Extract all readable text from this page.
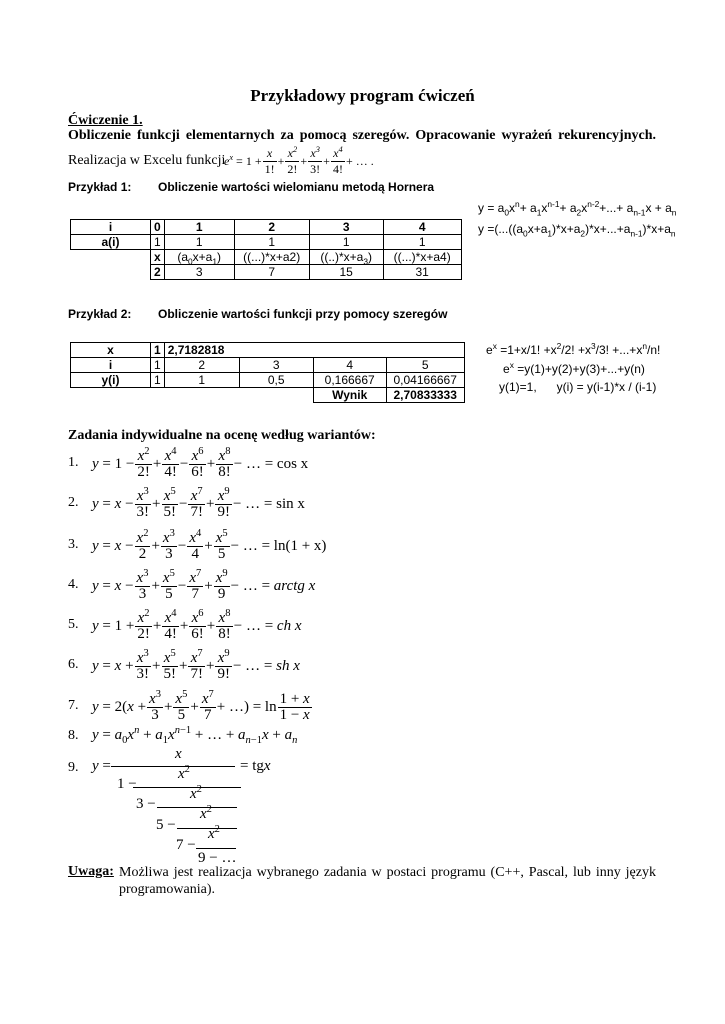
Przykładowy program ćwiczeń
Ćwiczenie 1.
Obliczenie funkcji elementarnych za pomocą szeregów. Opracowanie wyrażeń rekurencyjnych.
Realizacja w Excelu funkcji
$e^x = 1 + \frac{x}{1!} + \frac{x^2}{2!} + \frac{x^3}{3!} + \frac{x^4}{4!}$ + … .
Przykład 1: Obliczenie wartości wielomianu metodą Hornera
$y = a_0x^n+ a_1x^{n-1}+ a_2x^{n-2}+...+ a_{n-1}x + a_n$
$y =(...((a_0x+a_1)*x+a_2)*x+...+a_{n-1})*x+a_n$
i	0	1	2	3	4
a(i)	1	1	1	1	1
	x	$(a_0x+a_1)$	((...)*x+a2)	$((..)*x+a_3)$	((...)*x+a4)
	2	3	7	15	31
Przykład 2: Obliczenie wartości funkcji przy pomocy szeregów
$e^x =1+x/1$! $+x^2/2$! $+x^3/3$! $+...+x^n/n$!
$e^x =y(1)+y(2)+y(3)+...+y(n)$
y(1)=1,      y(i) = y(i-1)*x / (i-1)
x	1	2,7182818			
i	1	2	3	4	5
y(i)	1	1	0,5	0,166667	0,04166667
				Wynik	2,70833333
Zadania indywidualne na ocenę według wariantów:
1.
2.
3.
4.
5.
6.
7.
8.
9.
$y = 1 - \frac{x^2}{2!} + \frac{x^4}{4!} - \frac{x^6}{6!} + \frac{x^8}{8!}$ − … = cos x
$y = x - \frac{x^3}{3!} + \frac{x^5}{5!} - \frac{x^7}{7!} + \frac{x^9}{9!}$ − … = sin x
$y = x - \frac{x^2}{2} + \frac{x^3}{3} - \frac{x^4}{4} + \frac{x^5}{5}$ − … = ln(1 + x)
$y = x - \frac{x^3}{3} + \frac{x^5}{5} - \frac{x^7}{7} + \frac{x^9}{9}$ − … = arctg x
$y = 1 + \frac{x^2}{2!} + \frac{x^4}{4!} + \frac{x^6}{6!} + \frac{x^8}{8!}$ − … = ch x
$y = x + \frac{x^3}{3!} + \frac{x^5}{5!} + \frac{x^7}{7!} + \frac{x^9}{9!}$ − … = sh x
$y = 2(x + \frac{x^3}{3} + \frac{x^5}{5} + \frac{x^7}{7}$ + …) = $\ln \frac{1 + x}{1 - x}$
$y = a_0x^n + a_1x^{n-1}$ + … + $a_{n-1}x + a_n$
y =
x
= tgx
1 −
$x^2$
3 −
$x^2$
5 −
$x^2$
7 −
$x^2$
9 − …
Uwaga: Możliwa jest realizacja wybranego zadania w postaci programu (C++, Pascal, lub inny język programowania).
